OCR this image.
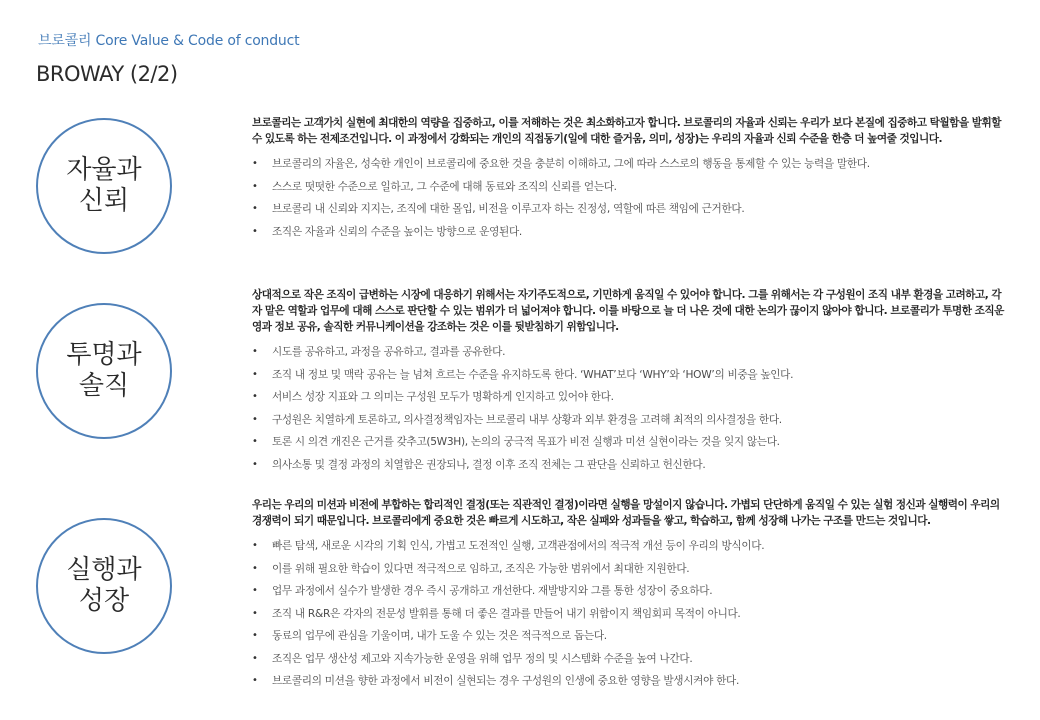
브로콜리 Core Value & Code of conduct
BROWAY (2/2)
자율과
신뢰
브로콜리는 고객가치 실현에 최대한의 역량을 집중하고, 이를 저해하는 것은 최소화하고자 합니다. 브로콜리의 자율과 신뢰는 우리가 보다 본질에 집중하고 탁월함을 발휘할 수 있도록 하는 전제조건입니다. 이 과정에서 강화되는 개인의 직접동기(일에 대한 즐거움, 의미, 성장)는 우리의 자율과 신뢰 수준을 한층 더 높여줄 것입니다.
• 브로콜리의 자율은, 성숙한 개인이 브로콜리에 중요한 것을 충분히 이해하고, 그에 따라 스스로의 행동을 통제할 수 있는 능력을 말한다.
• 스스로 떳떳한 수준으로 일하고, 그 수준에 대해 동료와 조직의 신뢰를 얻는다.
• 브로콜리 내 신뢰와 지지는, 조직에 대한 몰입, 비전을 이루고자 하는 진정성, 역할에 따른 책임에 근거한다.
• 조직은 자율과 신뢰의 수준을 높이는 방향으로 운영된다.
투명과
솔직
상대적으로 작은 조직이 급변하는 시장에 대응하기 위해서는 자기주도적으로, 기민하게 움직일 수 있어야 합니다. 그를 위해서는 각 구성원이 조직 내부 환경을 고려하고, 각자 맡은 역할과 업무에 대해 스스로 판단할 수 있는 범위가 더 넓어져야 합니다. 이를 바탕으로 늘 더 나은 것에 대한 논의가 끊이지 않아야 합니다. 브로콜리가 투명한 조직운영과 정보 공유, 솔직한 커뮤니케이션을 강조하는 것은 이를 뒷받침하기 위함입니다.
• 시도를 공유하고, 과정을 공유하고, 결과를 공유한다.
• 조직 내 정보 및 맥락 공유는 늘 넘쳐 흐르는 수준을 유지하도록 한다. ‘WHAT’보다 ‘WHY’와 ‘HOW’의 비중을 높인다.
• 서비스 성장 지표와 그 의미는 구성원 모두가 명확하게 인지하고 있어야 한다.
• 구성원은 치열하게 토론하고, 의사결정책임자는 브로콜리 내부 상황과 외부 환경을 고려해 최적의 의사결정을 한다.
• 토론 시 의견 개진은 근거를 갖추고(5W3H), 논의의 궁극적 목표가 비전 실행과 미션 실현이라는 것을 잊지 않는다.
• 의사소통 및 결정 과정의 치열함은 권장되나, 결정 이후 조직 전체는 그 판단을 신뢰하고 헌신한다.
실행과
성장
우리는 우리의 미션과 비전에 부합하는 합리적인 결정(또는 직관적인 결정)이라면 실행을 망설이지 않습니다. 가볍되 단단하게 움직일 수 있는 실험 정신과 실행력이 우리의 경쟁력이 되기 때문입니다. 브로콜리에게 중요한 것은 빠르게 시도하고, 작은 실패와 성과들을 쌓고, 학습하고, 함께 성장해 나가는 구조를 만드는 것입니다.
• 빠른 탐색, 새로운 시각의 기획 인식, 가볍고 도전적인 실행, 고객관점에서의 적극적 개선 등이 우리의 방식이다.
• 이를 위해 필요한 학습이 있다면 적극적으로 임하고, 조직은 가능한 범위에서 최대한 지원한다.
• 업무 과정에서 실수가 발생한 경우 즉시 공개하고 개선한다. 재발방지와 그를 통한 성장이 중요하다.
• 조직 내 R&R은 각자의 전문성 발휘를 통해 더 좋은 결과를 만들어 내기 위함이지 책임회피 목적이 아니다.
• 동료의 업무에 관심을 기울이며, 내가 도울 수 있는 것은 적극적으로 돕는다.
• 조직은 업무 생산성 제고와 지속가능한 운영을 위해 업무 정의 및 시스템화 수준을 높여 나간다.
• 브로콜리의 미션을 향한 과정에서 비전이 실현되는 경우 구성원의 인생에 중요한 영향을 발생시켜야 한다.
